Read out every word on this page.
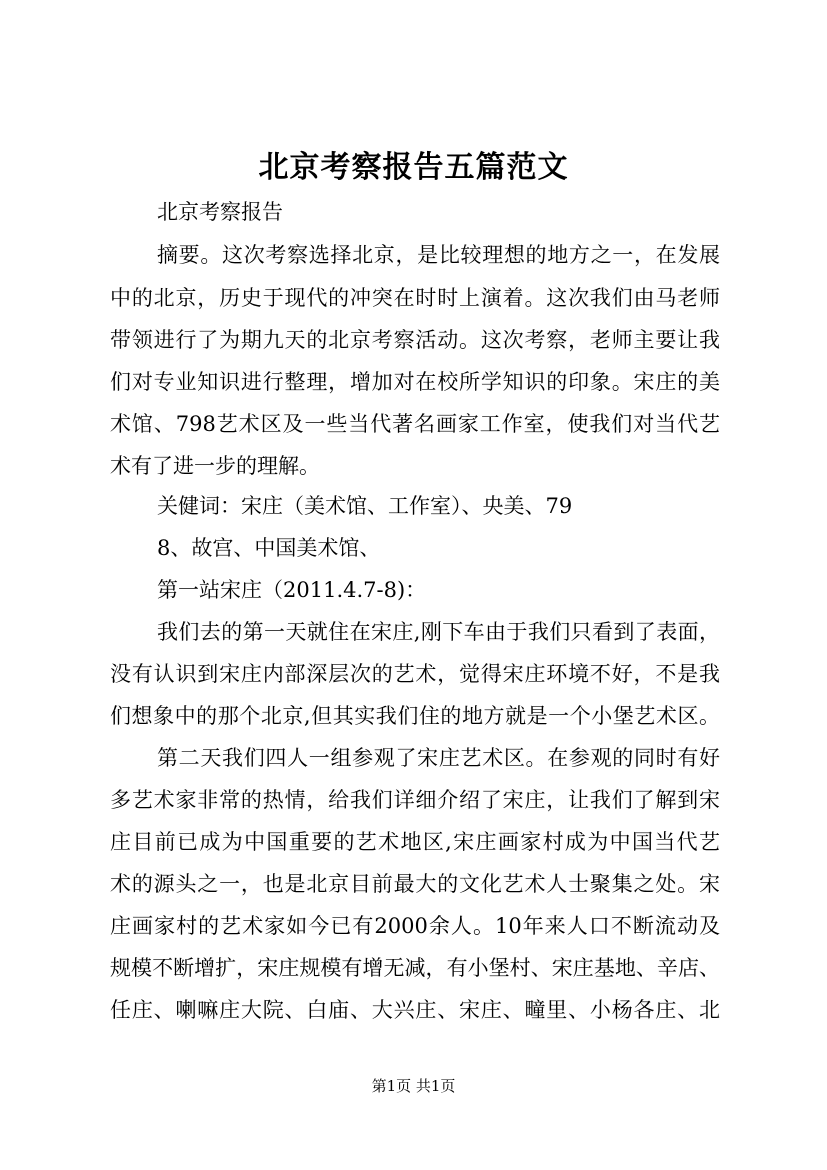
北京考察报告五篇范文
北京考察报告
摘要。这次考察选择北京，是比较理想的地方之一，在发展
中的北京，历史于现代的冲突在时时上演着。这次我们由马老师
带领进行了为期九天的北京考察活动。这次考察，老师主要让我
们对专业知识进行整理，增加对在校所学知识的印象。宋庄的美
术馆、798艺术区及一些当代著名画家工作室，使我们对当代艺
术有了进一步的理解。
关健词：宋庄（美术馆、工作室）、央美、79
8、故宫、中国美术馆、
第一站宋庄（2011.4.7-8)：
我们去的第一天就住在宋庄,刚下车由于我们只看到了表面，
没有认识到宋庄内部深层次的艺术，觉得宋庄环境不好，不是我
们想象中的那个北京,但其实我们住的地方就是一个小堡艺术区。
第二天我们四人一组参观了宋庄艺术区。在参观的同时有好
多艺术家非常的热情，给我们详细介绍了宋庄，让我们了解到宋
庄目前已成为中国重要的艺术地区,宋庄画家村成为中国当代艺
术的源头之一，也是北京目前最大的文化艺术人士聚集之处。宋
庄画家村的艺术家如今已有2000余人。10年来人口不断流动及
规模不断增扩，宋庄规模有增无减，有小堡村、宋庄基地、辛店、
任庄、喇嘛庄大院、白庙、大兴庄、宋庄、疃里、小杨各庄、北
第1页 共1页
